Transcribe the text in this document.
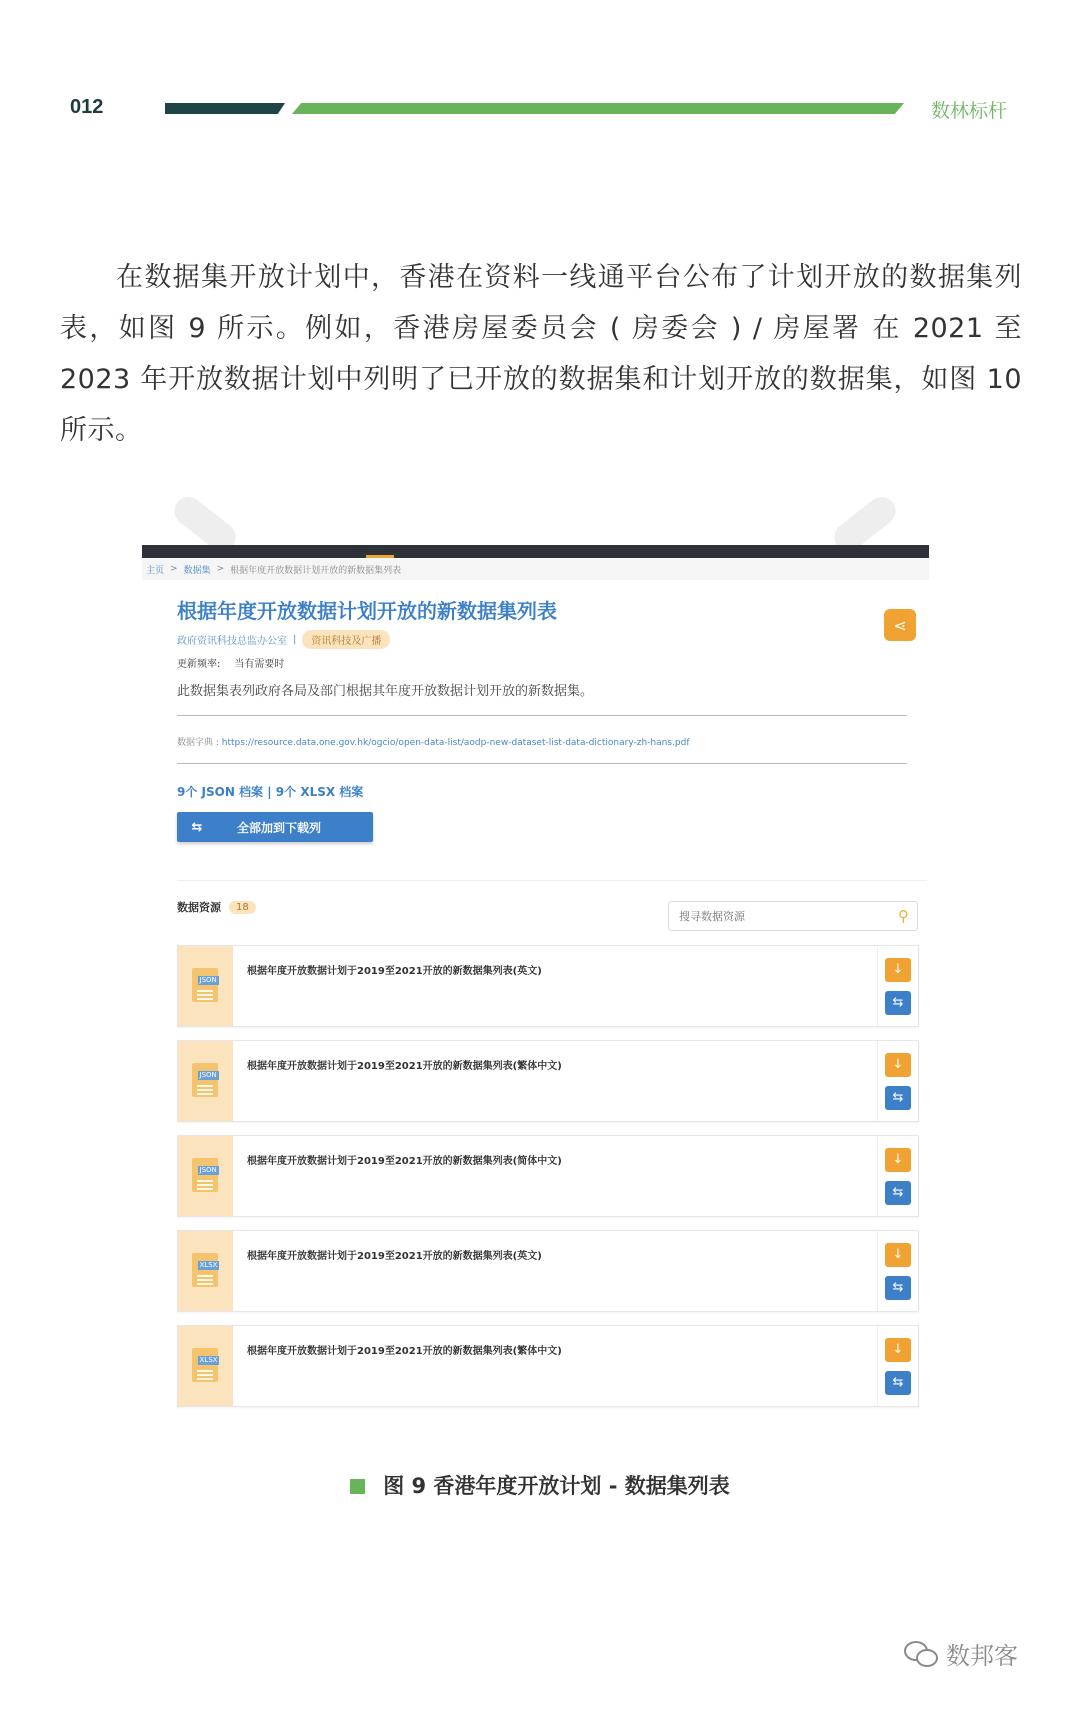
012	数林标杆
在数据集开放计划中，香港在资料一线通平台公布了计划开放的数据集列表，如图 9 所示。例如，香港房屋委员会 ( 房委会 ) / 房屋署 在 2021 至 2023 年开放数据计划中列明了已开放的数据集和计划开放的数据集，如图 10 所示。
主页 > 数据集 > 根据年度开放数据计划开放的新数据集列表
根据年度开放数据计划开放的新数据集列表
⋖
政府资讯科技总监办公室 |	资讯科技及广播
更新频率: 当有需要时
此数据集表列政府各局及部门根据其年度开放数据计划开放的新数据集。
数据字典 : https://resource.data.one.gov.hk/ogcio/open-data-list/aodp-new-dataset-list-data-dictionary-zh-hans.pdf
9个 JSON 档案 | 9个 XLSX 档案
⇆	全部加到下载列
数据资源	18
搜寻数据资源	⚲
JSON
根据年度开放数据计划于2019至2021开放的新数据集列表(英文)	↓
⇆
JSON
根据年度开放数据计划于2019至2021开放的新数据集列表(繁体中文)	↓
⇆
JSON
根据年度开放数据计划于2019至2021开放的新数据集列表(简体中文)	↓
⇆
XLSX
根据年度开放数据计划于2019至2021开放的新数据集列表(英文)	↓
⇆
XLSX
根据年度开放数据计划于2019至2021开放的新数据集列表(繁体中文)	↓
⇆
图 9 香港年度开放计划 - 数据集列表
数邦客
